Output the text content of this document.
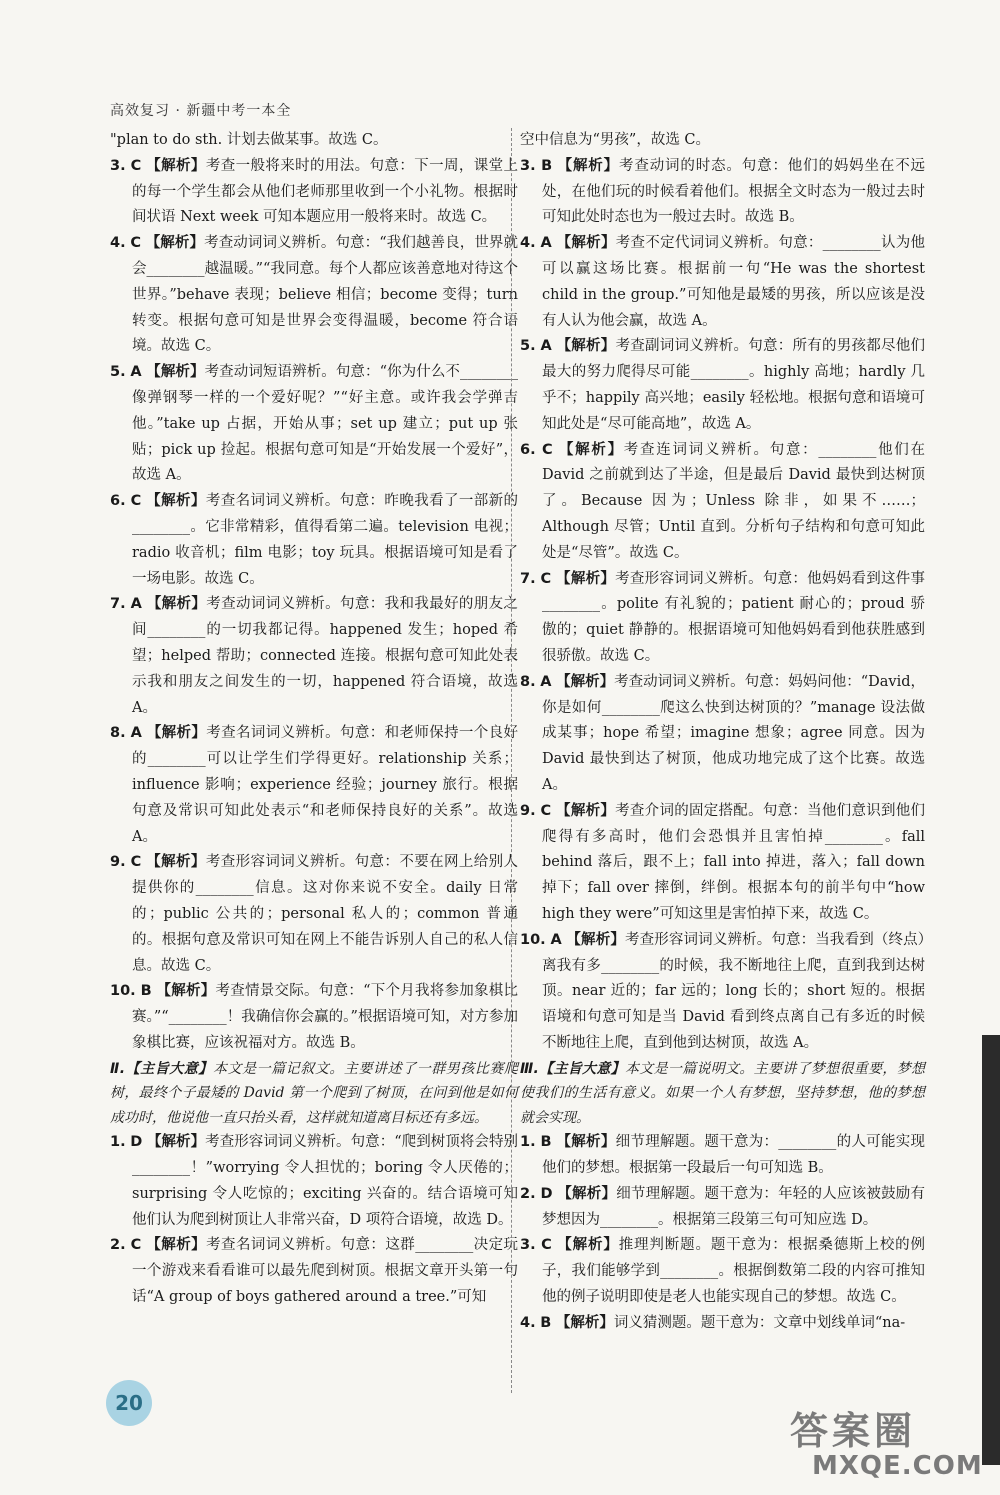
高效复习 · 新疆中考一本全

"plan to do sth. 计划去做某事。故选 C。

3. C 【解析】考查一般将来时的用法。句意：下一周，课堂上的每一个学生都会从他们老师那里收到一个小礼物。根据时间状语 Next week 可知本题应用一般将来时。故选 C。

4. C 【解析】考查动词词义辨析。句意：“我们越善良，世界就会________越温暖。”“我同意。每个人都应该善意地对待这个世界。”behave 表现；believe 相信；become 变得；turn 转变。根据句意可知是世界会变得温暖，become 符合语境。故选 C。

5. A 【解析】考查动词短语辨析。句意：“你为什么不________像弹钢琴一样的一个爱好呢？”“好主意。或许我会学弹吉他。”take up 占据，开始从事；set up 建立；put up 张贴；pick up 捡起。根据句意可知是“开始发展一个爱好”，故选 A。

6. C 【解析】考查名词词义辨析。句意：昨晚我看了一部新的________。它非常精彩，值得看第二遍。television 电视；radio 收音机；film 电影；toy 玩具。根据语境可知是看了一场电影。故选 C。

7. A 【解析】考查动词词义辨析。句意：我和我最好的朋友之间________的一切我都记得。happened 发生；hoped 希望；helped 帮助；connected 连接。根据句意可知此处表示我和朋友之间发生的一切，happened 符合语境，故选 A。

8. A 【解析】考查名词词义辨析。句意：和老师保持一个良好的________可以让学生们学得更好。relationship 关系；influence 影响；experience 经验；journey 旅行。根据句意及常识可知此处表示“和老师保持良好的关系”。故选 A。

9. C 【解析】考查形容词词义辨析。句意：不要在网上给别人提供你的________信息。这对你来说不安全。daily 日常的；public 公共的；personal 私人的；common 普通的。根据句意及常识可知在网上不能告诉别人自己的私人信息。故选 C。

10. B 【解析】考查情景交际。句意：“下个月我将参加象棋比赛。”“________！我确信你会赢的。”根据语境可知，对方参加象棋比赛，应该祝福对方。故选 B。

Ⅱ.【主旨大意】本文是一篇记叙文。主要讲述了一群男孩比赛爬树，最终个子最矮的 David 第一个爬到了树顶，在问到他是如何成功时，他说他一直只抬头看，这样就知道离目标还有多远。

1. D 【解析】考查形容词词义辨析。句意：“爬到树顶将会特别________！”worrying 令人担忧的；boring 令人厌倦的；surprising 令人吃惊的；exciting 兴奋的。结合语境可知他们认为爬到树顶让人非常兴奋，D 项符合语境，故选 D。

2. C 【解析】考查名词词义辨析。句意：这群________决定玩一个游戏来看看谁可以最先爬到树顶。根据文章开头第一句话“A group of boys gathered around a tree.”可知

空中信息为“男孩”，故选 C。

3. B 【解析】考查动词的时态。句意：他们的妈妈坐在不远处，在他们玩的时候看着他们。根据全文时态为一般过去时可知此处时态也为一般过去时。故选 B。

4. A 【解析】考查不定代词词义辨析。句意：________认为他可以赢这场比赛。根据前一句“He was the shortest child in the group.”可知他是最矮的男孩，所以应该是没有人认为他会赢，故选 A。

5. A 【解析】考查副词词义辨析。句意：所有的男孩都尽他们最大的努力爬得尽可能________。highly 高地；hardly 几乎不；happily 高兴地；easily 轻松地。根据句意和语境可知此处是“尽可能高地”，故选 A。

6. C 【解析】考查连词词义辨析。句意：________他们在 David 之前就到达了半途，但是最后 David 最快到达树顶了。Because 因为；Unless 除非，如果不……；Although 尽管；Until 直到。分析句子结构和句意可知此处是“尽管”。故选 C。

7. C 【解析】考查形容词词义辨析。句意：他妈妈看到这件事________。polite 有礼貌的；patient 耐心的；proud 骄傲的；quiet 静静的。根据语境可知他妈妈看到他获胜感到很骄傲。故选 C。

8. A 【解析】考查动词词义辨析。句意：妈妈问他：“David，你是如何________爬这么快到达树顶的？”manage 设法做成某事；hope 希望；imagine 想象；agree 同意。因为 David 最快到达了树顶，他成功地完成了这个比赛。故选 A。

9. C 【解析】考查介词的固定搭配。句意：当他们意识到他们爬得有多高时，他们会恐惧并且害怕掉________。fall behind 落后，跟不上；fall into 掉进，落入；fall down 掉下；fall over 摔倒，绊倒。根据本句的前半句中“how high they were”可知这里是害怕掉下来，故选 C。

10. A 【解析】考查形容词词义辨析。句意：当我看到（终点）离我有多________的时候，我不断地往上爬，直到我到达树顶。near 近的；far 远的；long 长的；short 短的。根据语境和句意可知是当 David 看到终点离自己有多近的时候不断地往上爬，直到他到达树顶，故选 A。

Ⅲ.【主旨大意】本文是一篇说明文。主要讲了梦想很重要，梦想使我们的生活有意义。如果一个人有梦想，坚持梦想，他的梦想就会实现。

1. B 【解析】细节理解题。题干意为：________的人可能实现他们的梦想。根据第一段最后一句可知选 B。

2. D 【解析】细节理解题。题干意为：年轻的人应该被鼓励有梦想因为________。根据第三段第三句可知应选 D。

3. C 【解析】推理判断题。题干意为：根据桑德斯上校的例子，我们能够学到________。根据倒数第二段的内容可推知他的例子说明即使是老人也能实现自己的梦想。故选 C。

4. B 【解析】词义猜测题。题干意为：文章中划线单词“na-

20
答案圈
MXQE.COM
